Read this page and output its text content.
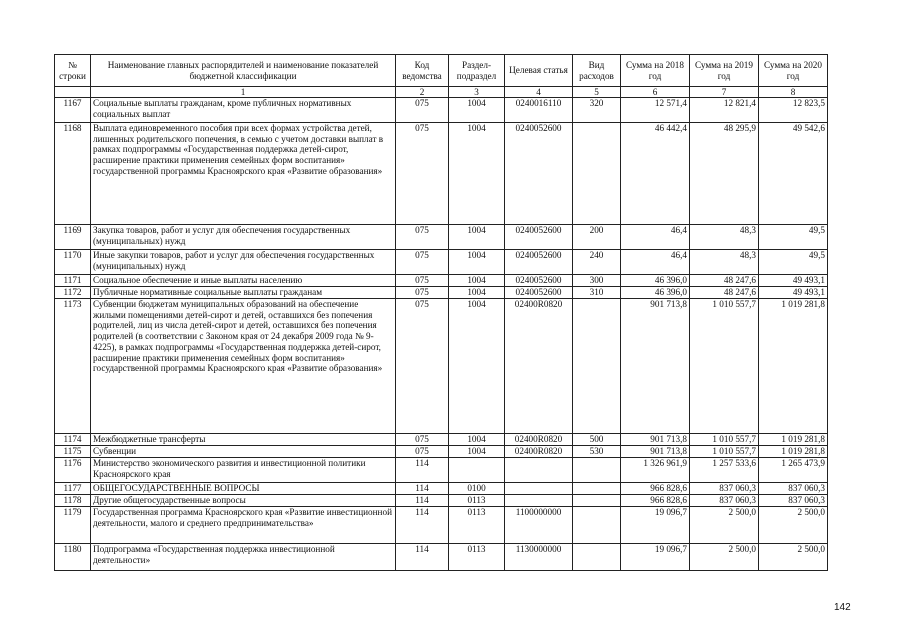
№ строки	Наименование главных распорядителей и наименование показателей бюджетной классификации	Код ведомства	Раздел-подраздел	Целевая статья	Вид расходов	Сумма на 2018 год	Сумма на 2019 год	Сумма на 2020 год
	1	2	3	4	5	6	7	8
1167	Социальные выплаты гражданам, кроме публичных нормативных социальных выплат	075	1004	0240016110	320	12 571,4	12 821,4	12 823,5
1168	Выплата единовременного пособия при всех формах устройства детей, лишенных родительского попечения, в семью с учетом доставки выплат в рамках подпрограммы «Государственная поддержка детей-сирот, расширение практики применения семейных форм воспитания» государственной программы Красноярского края «Развитие образования»	075	1004	0240052600		46 442,4	48 295,9	49 542,6
1169	Закупка товаров, работ и услуг для обеспечения государственных (муниципальных) нужд	075	1004	0240052600	200	46,4	48,3	49,5
1170	Иные закупки товаров, работ и услуг для обеспечения государственных (муниципальных) нужд	075	1004	0240052600	240	46,4	48,3	49,5
1171	Социальное обеспечение и иные выплаты населению	075	1004	0240052600	300	46 396,0	48 247,6	49 493,1
1172	Публичные нормативные социальные выплаты гражданам	075	1004	0240052600	310	46 396,0	48 247,6	49 493,1
1173	Субвенции бюджетам муниципальных образований на обеспечение жилыми помещениями детей-сирот и детей, оставшихся без попечения родителей, лиц из числа детей-сирот и детей, оставшихся без попечения родителей (в соответствии с Законом края от 24 декабря 2009 года № 9-4225), в рамках подпрограммы «Государственная поддержка детей-сирот, расширение практики применения семейных форм воспитания» государственной программы Красноярского края «Развитие образования»	075	1004	02400R0820		901 713,8	1 010 557,7	1 019 281,8
1174	Межбюджетные трансферты	075	1004	02400R0820	500	901 713,8	1 010 557,7	1 019 281,8
1175	Субвенции	075	1004	02400R0820	530	901 713,8	1 010 557,7	1 019 281,8
1176	Министерство экономического развития и инвестиционной политики Красноярского края	114				1 326 961,9	1 257 533,6	1 265 473,9
1177	ОБЩЕГОСУДАРСТВЕННЫЕ ВОПРОСЫ	114	0100			966 828,6	837 060,3	837 060,3
1178	Другие общегосударственные вопросы	114	0113			966 828,6	837 060,3	837 060,3
1179	Государственная программа Красноярского края «Развитие инвестиционной деятельности, малого и среднего предпринимательства»	114	0113	1100000000		19 096,7	2 500,0	2 500,0
1180	Подпрограмма «Государственная поддержка инвестиционной деятельности»	114	0113	1130000000		19 096,7	2 500,0	2 500,0
142
